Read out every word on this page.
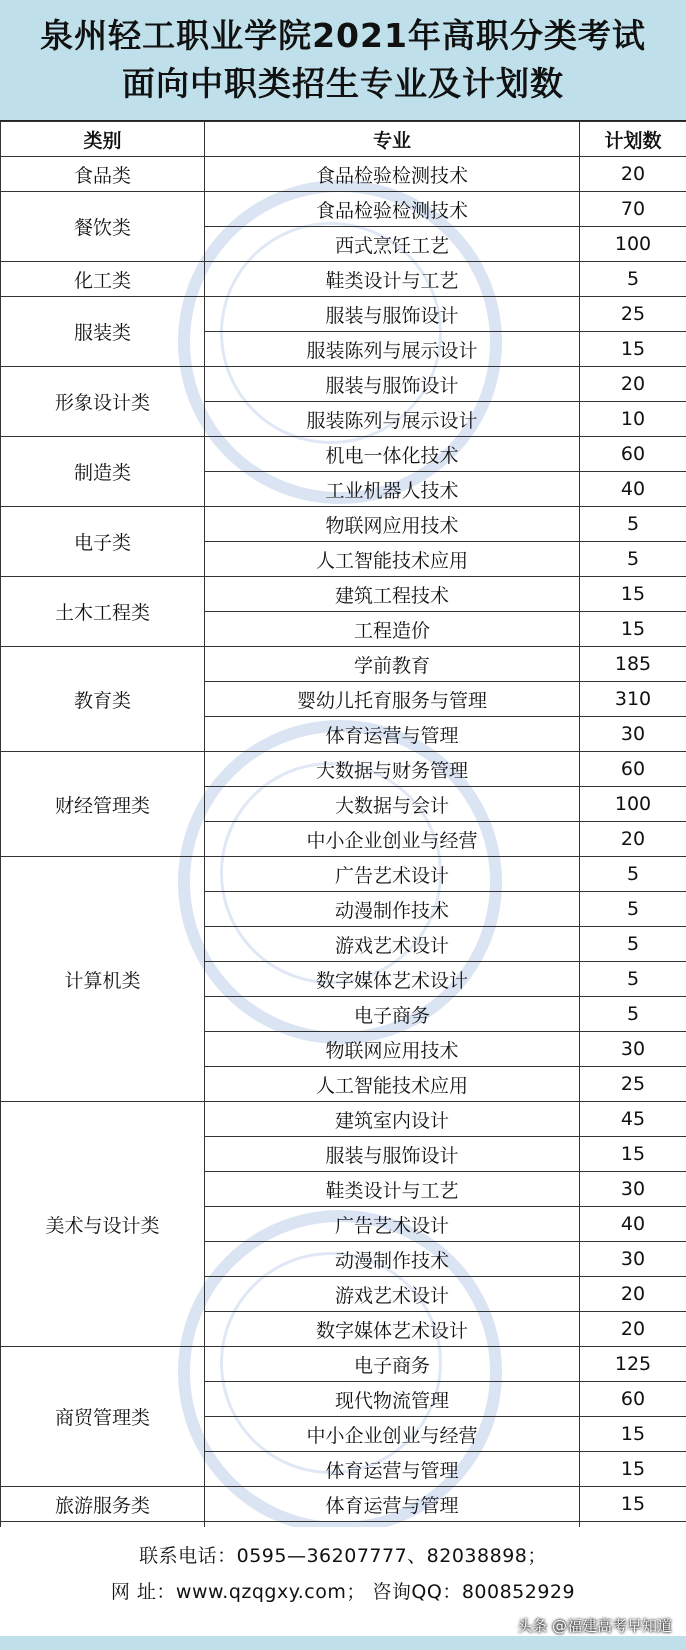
泉州轻工职业学院2021年高职分类考试
面向中职类招生专业及计划数
类别	专业	计划数
食品类	食品检验检测技术	20
餐饮类	食品检验检测技术	70
	西式烹饪工艺	100
化工类	鞋类设计与工艺	5
服装类	服装与服饰设计	25
	服装陈列与展示设计	15
形象设计类	服装与服饰设计	20
	服装陈列与展示设计	10
制造类	机电一体化技术	60
	工业机器人技术	40
电子类	物联网应用技术	5
	人工智能技术应用	5
土木工程类	建筑工程技术	15
	工程造价	15
教育类	学前教育	185
	婴幼儿托育服务与管理	310
	体育运营与管理	30
财经管理类	大数据与财务管理	60
	大数据与会计	100
	中小企业创业与经营	20
计算机类	广告艺术设计	5
	动漫制作技术	5
	游戏艺术设计	5
	数字媒体艺术设计	5
	电子商务	5
	物联网应用技术	30
	人工智能技术应用	25
美术与设计类	建筑室内设计	45
	服装与服饰设计	15
	鞋类设计与工艺	30
	广告艺术设计	40
	动漫制作技术	30
	游戏艺术设计	20
	数字媒体艺术设计	20
商贸管理类	电子商务	125
	现代物流管理	60
	中小企业创业与经营	15
	体育运营与管理	15
旅游服务类	体育运营与管理	15

联系电话：0595—36207777、82038898；
网 址：www.qzqgxy.com； 咨询QQ：800852929
头条 @福建高考早知道
